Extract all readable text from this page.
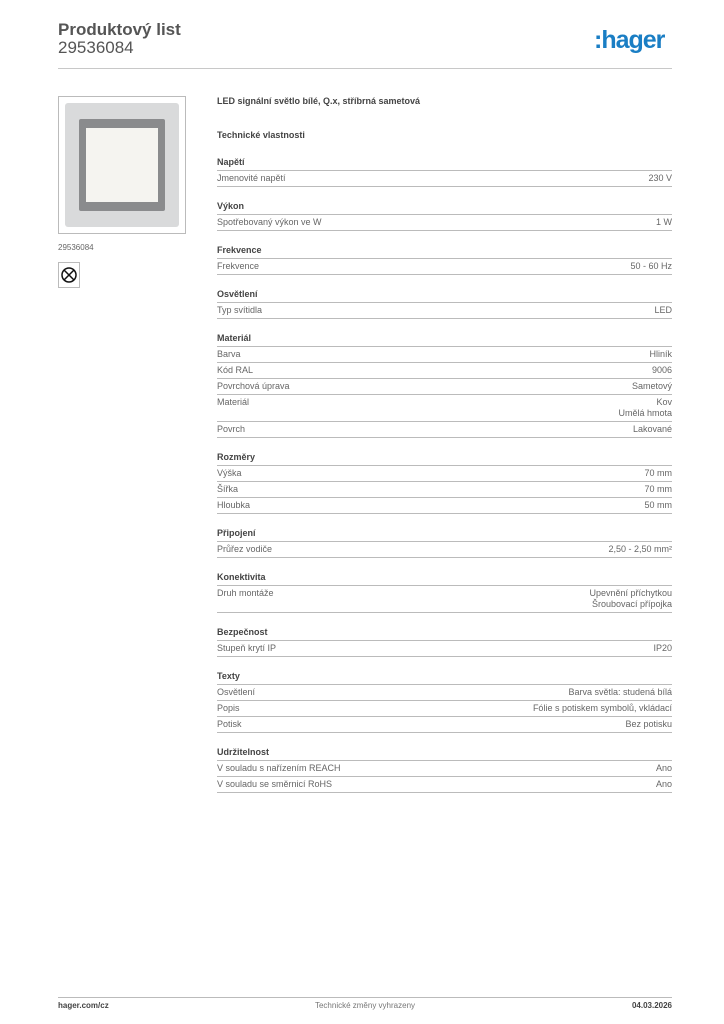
Produktový list
29536084	:hager
29536084
LED signální světlo bílé, Q.x, stříbrná sametová
Technické vlastnosti
Napětí
Jmenovité napětí	230 V
Výkon
Spotřebovaný výkon ve W	1 W
Frekvence
Frekvence	50 - 60 Hz
Osvětlení
Typ svítidla	LED
Materiál
Barva	Hliník
Kód RAL	9006
Povrchová úprava	Sametový
Materiál	Kov
Umělá hmota
Povrch	Lakované
Rozměry
Výška	70 mm
Šířka	70 mm
Hloubka	50 mm
Připojení
Průřez vodiče	2,50 - 2,50 mm²
Konektivita
Druh montáže	Upevnění příchytkou
Šroubovací přípojka
Bezpečnost
Stupeň krytí IP	IP20
Texty
Osvětlení	Barva světla: studená bílá
Popis	Fólie s potiskem symbolů, vkládací
Potisk	Bez potisku
Udržitelnost
V souladu s nařízením REACH	Ano
V souladu se směrnicí RoHS	Ano
hager.com/cz	Technické změny vyhrazeny	04.03.2026
